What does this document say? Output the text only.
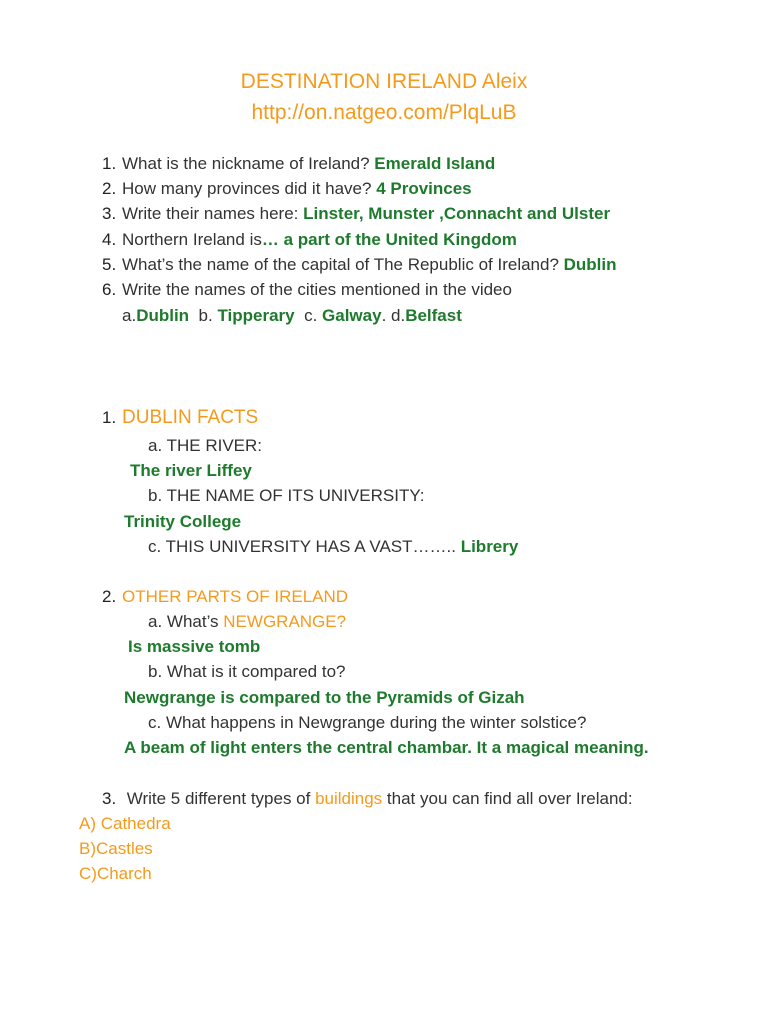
DESTINATION IRELAND Aleix
http://on.natgeo.com/PlqLuB
1. What is the nickname of Ireland? Emerald Island
2. How many provinces did it have? 4 Provinces
3. Write their names here: Linster, Munster ,Connacht and Ulster
4. Northern Ireland is… a part of the United Kingdom
5. What’s the name of the capital of The Republic of Ireland? Dublin
6. Write the names of the cities mentioned in the video
a.Dublin b. Tipperary c. Galway. d.Belfast
1. DUBLIN FACTS
a. THE RIVER:
The river Liffey
b. THE NAME OF ITS UNIVERSITY:
Trinity College
c. THIS UNIVERSITY HAS A VAST…….. Librery
2. OTHER PARTS OF IRELAND
a. What’s NEWGRANGE?
Is massive tomb
b. What is it compared to?
Newgrange is compared to the Pyramids of Gizah
c. What happens in Newgrange during the winter solstice?
A beam of light enters the central chambar. It a magical meaning.
3. Write 5 different types of buildings that you can find all over Ireland:
A) Cathedra
B)Castles
C)Charch
